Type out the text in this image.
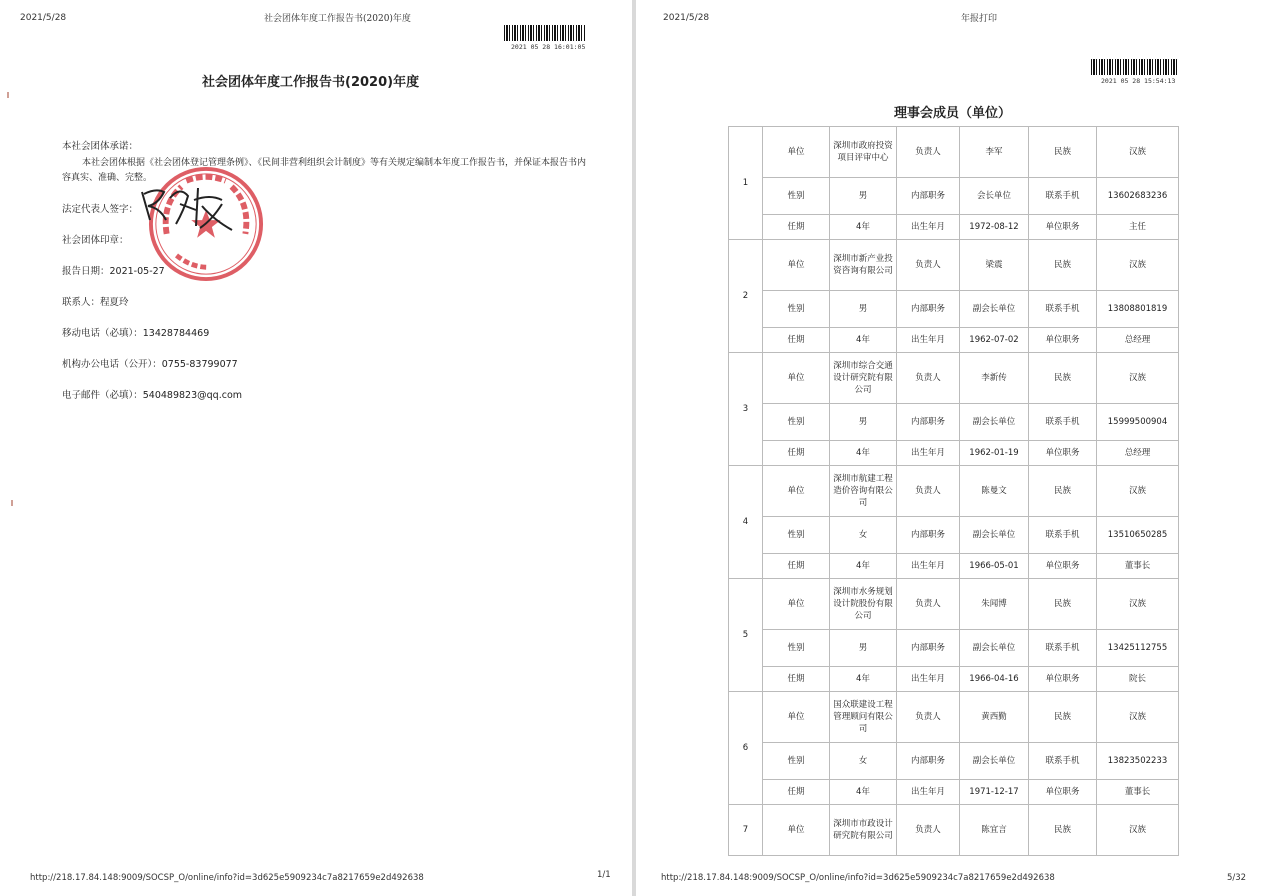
2021/5/28	社会团体年度工作报告书(2020)年度
2021 05 28 16:01:05
社会团体年度工作报告书(2020)年度
本社会团体承诺：
本社会团体根据《社会团体登记管理条例》、《民间非营利组织会计制度》等有关规定编制本年度工作报告书，并保证本报告书内容真实、准确、完整。
法定代表人签字：
社会团体印章：
报告日期：2021-05-27
联系人：程夏玲
移动电话（必填）：13428784469
机构办公电话（公开）：0755-83799077
电子邮件（必填）：540489823@qq.com
http://218.17.84.148:9009/SOCSP_O/online/info?id=3d625e5909234c7a8217659e2d492638	1/1
2021/5/28	年报打印
2021 05 28 15:54:13
理事会成员（单位）
1	单位	深圳市政府投资项目评审中心	负责人	李军	民族	汉族
	性别	男	内部职务	会长单位	联系手机	13602683236
	任期	4年	出生年月	1972-08-12	单位职务	主任
2	单位	深圳市新产业投资咨询有限公司	负责人	梁震	民族	汉族
	性别	男	内部职务	副会长单位	联系手机	13808801819
	任期	4年	出生年月	1962-07-02	单位职务	总经理
3	单位	深圳市综合交通设计研究院有限公司	负责人	李新传	民族	汉族
	性别	男	内部职务	副会长单位	联系手机	15999500904
	任期	4年	出生年月	1962-01-19	单位职务	总经理
4	单位	深圳市航建工程造价咨询有限公司	负责人	陈曼文	民族	汉族
	性别	女	内部职务	副会长单位	联系手机	13510650285
	任期	4年	出生年月	1966-05-01	单位职务	董事长
5	单位	深圳市水务规划设计院股份有限公司	负责人	朱闻博	民族	汉族
	性别	男	内部职务	副会长单位	联系手机	13425112755
	任期	4年	出生年月	1966-04-16	单位职务	院长
6	单位	国众联建设工程管理顾问有限公司	负责人	黄西勤	民族	汉族
	性别	女	内部职务	副会长单位	联系手机	13823502233
	任期	4年	出生年月	1971-12-17	单位职务	董事长
7	单位	深圳市市政设计研究院有限公司	负责人	陈宜言	民族	汉族
http://218.17.84.148:9009/SOCSP_O/online/info?id=3d625e5909234c7a8217659e2d492638	5/32
